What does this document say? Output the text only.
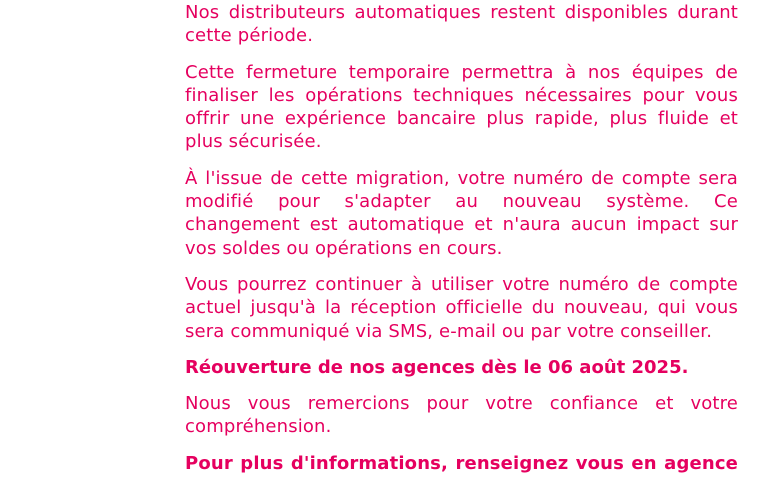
Nos distributeurs automatiques restent disponibles durant cette période.

Cette fermeture temporaire permettra à nos équipes de finaliser les opérations techniques nécessaires pour vous offrir une expérience bancaire plus rapide, plus fluide et plus sécurisée.

À l'issue de cette migration, votre numéro de compte sera modifié pour s'adapter au nouveau système. Ce changement est automatique et n'aura aucun impact sur vos soldes ou opérations en cours.

Vous pourrez continuer à utiliser votre numéro de compte actuel jusqu'à la réception officielle du nouveau, qui vous sera communiqué via SMS, e-mail ou par votre conseiller.

Réouverture de nos agences dès le 06 août 2025.

Nous vous remercions pour votre confiance et votre compréhension.

Pour plus d'informations, renseignez vous en agence
